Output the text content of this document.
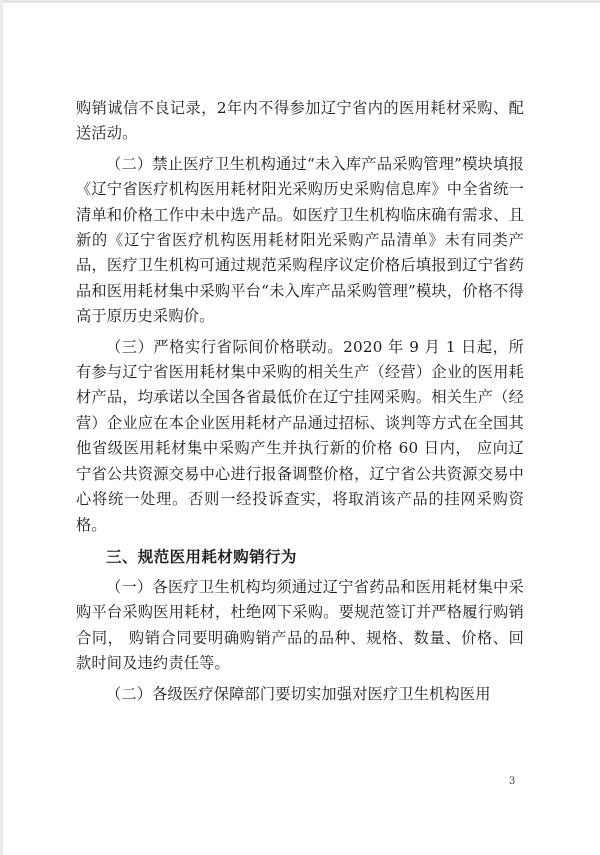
购销诚信不良记录，2年内不得参加辽宁省内的医用耗材采购、配送活动。

（二）禁止医疗卫生机构通过“未入库产品采购管理”模块填报《辽宁省医疗机构医用耗材阳光采购历史采购信息库》中全省统一清单和价格工作中未中选产品。如医疗卫生机构临床确有需求、且新的《辽宁省医疗机构医用耗材阳光采购产品清单》未有同类产品，医疗卫生机构可通过规范采购程序议定价格后填报到辽宁省药品和医用耗材集中采购平台“未入库产品采购管理”模块，价格不得高于原历史采购价。

（三）严格实行省际间价格联动。2020 年 9 月 1 日起，所有参与辽宁省医用耗材集中采购的相关生产（经营）企业的医用耗材产品，均承诺以全国各省最低价在辽宁挂网采购。相关生产（经营）企业应在本企业医用耗材产品通过招标、谈判等方式在全国其他省级医用耗材集中采购产生并执行新的价格 60 日内， 应向辽宁省公共资源交易中心进行报备调整价格，辽宁省公共资源交易中心将统一处理。否则一经投诉查实，将取消该产品的挂网采购资格。

三、规范医用耗材购销行为

（一）各医疗卫生机构均须通过辽宁省药品和医用耗材集中采购平台采购医用耗材，杜绝网下采购。要规范签订并严格履行购销合同， 购销合同要明确购销产品的品种、规格、数量、价格、回款时间及违约责任等。

（二）各级医疗保障部门要切实加强对医疗卫生机构医用

3
